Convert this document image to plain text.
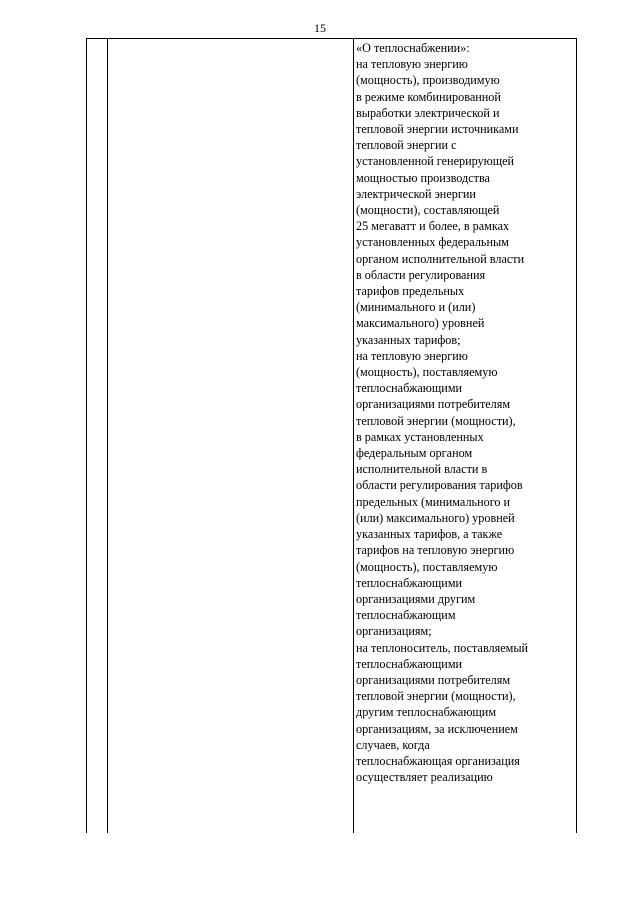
15

«О теплоснабжении»:
на тепловую энергию
(мощность), производимую
в режиме комбинированной
выработки электрической и
тепловой энергии источниками
тепловой энергии с
установленной генерирующей
мощностью производства
электрической энергии
(мощности), составляющей
25 мегаватт и более, в рамках
установленных федеральным
органом исполнительной власти
в области регулирования
тарифов предельных
(минимального и (или)
максимального) уровней
указанных тарифов;
на тепловую энергию
(мощность), поставляемую
теплоснабжающими
организациями потребителям
тепловой энергии (мощности),
в рамках установленных
федеральным органом
исполнительной власти в
области регулирования тарифов
предельных (минимального и
(или) максимального) уровней
указанных тарифов, а также
тарифов на тепловую энергию
(мощность), поставляемую
теплоснабжающими
организациями другим
теплоснабжающим
организациям;
на теплоноситель, поставляемый
теплоснабжающими
организациями потребителям
тепловой энергии (мощности),
другим теплоснабжающим
организациям, за исключением
случаев, когда
теплоснабжающая организация
осуществляет реализацию
